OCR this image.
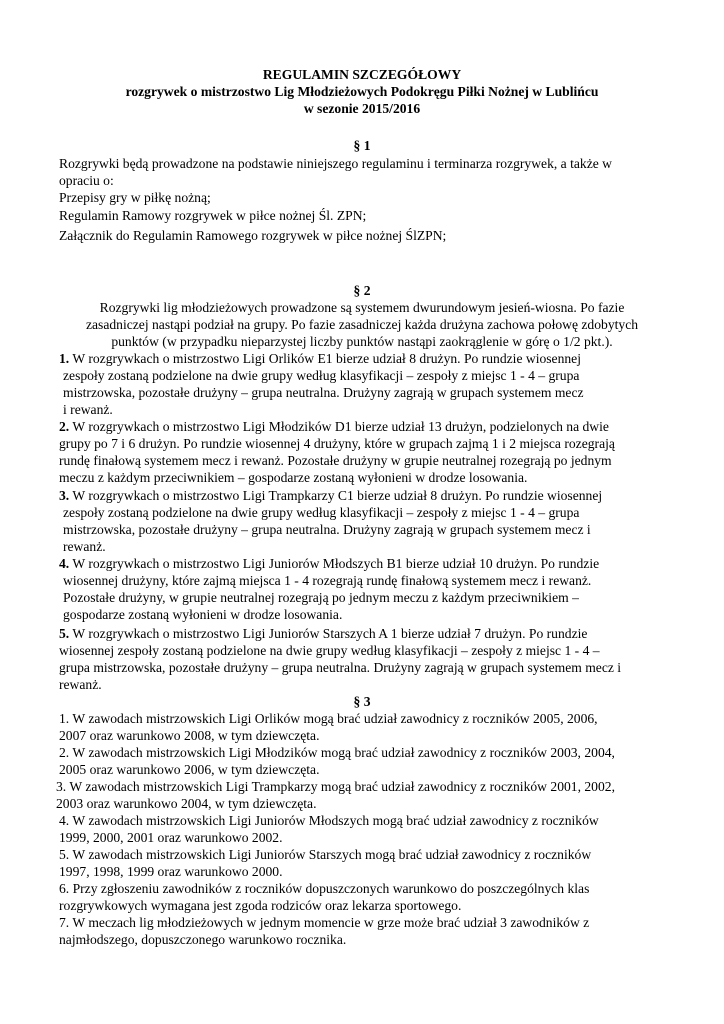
REGULAMIN SZCZEGÓŁOWY
rozgrywek o mistrzostwo Lig Młodzieżowych Podokręgu Piłki Nożnej w Lublińcu
w sezonie 2015/2016
§ 1
Rozgrywki będą prowadzone na podstawie niniejszego regulaminu i terminarza rozgrywek, a także w
opraciu o:
Przepisy gry w piłkę nożną;
Regulamin Ramowy rozgrywek w piłce nożnej Śl. ZPN;
Załącznik do Regulamin Ramowego rozgrywek w piłce nożnej ŚlZPN;
§ 2
Rozgrywki lig młodzieżowych prowadzone są systemem dwurundowym jesień-wiosna. Po fazie
zasadniczej nastąpi podział na grupy. Po fazie zasadniczej każda drużyna zachowa połowę zdobytych
punktów (w przypadku nieparzystej liczby punktów nastąpi zaokrąglenie w górę o 1/2 pkt.).
1. W rozgrywkach o mistrzostwo Ligi Orlików E1 bierze udział 8 drużyn. Po rundzie wiosennej
zespoły zostaną podzielone na dwie grupy według klasyfikacji – zespoły z miejsc 1 - 4 – grupa
mistrzowska, pozostałe drużyny – grupa neutralna. Drużyny zagrają w grupach systemem mecz
i rewanż.
2. W rozgrywkach o mistrzostwo Ligi Młodzików D1 bierze udział 13 drużyn, podzielonych na dwie
grupy po 7 i 6 drużyn. Po rundzie wiosennej 4 drużyny, które w grupach zajmą 1 i 2 miejsca rozegrają
rundę finałową systemem mecz i rewanż. Pozostałe drużyny w grupie neutralnej rozegrają po jednym
meczu z każdym przeciwnikiem – gospodarze zostaną wyłonieni w drodze losowania.
3. W rozgrywkach o mistrzostwo Ligi Trampkarzy C1 bierze udział 8 drużyn. Po rundzie wiosennej
zespoły zostaną podzielone na dwie grupy według klasyfikacji – zespoły z miejsc 1 - 4 – grupa
mistrzowska, pozostałe drużyny – grupa neutralna. Drużyny zagrają w grupach systemem mecz i
rewanż.
4. W rozgrywkach o mistrzostwo Ligi Juniorów Młodszych B1 bierze udział 10 drużyn. Po rundzie
wiosennej drużyny, które zajmą miejsca 1 - 4 rozegrają rundę finałową systemem mecz i rewanż.
Pozostałe drużyny, w grupie neutralnej rozegrają po jednym meczu z każdym przeciwnikiem –
gospodarze zostaną wyłonieni w drodze losowania.
5. W rozgrywkach o mistrzostwo Ligi Juniorów Starszych A 1 bierze udział 7 drużyn. Po rundzie
wiosennej zespoły zostaną podzielone na dwie grupy według klasyfikacji – zespoły z miejsc 1 - 4 –
grupa mistrzowska, pozostałe drużyny – grupa neutralna. Drużyny zagrają w grupach systemem mecz i
rewanż.
§ 3
1. W zawodach mistrzowskich Ligi Orlików mogą brać udział zawodnicy z roczników 2005, 2006,
2007 oraz warunkowo 2008, w tym dziewczęta.
2. W zawodach mistrzowskich Ligi Młodzików mogą brać udział zawodnicy z roczników 2003, 2004,
2005 oraz warunkowo 2006, w tym dziewczęta.
3. W zawodach mistrzowskich Ligi Trampkarzy mogą brać udział zawodnicy z roczników 2001, 2002,
2003 oraz warunkowo 2004, w tym dziewczęta.
4. W zawodach mistrzowskich Ligi Juniorów Młodszych mogą brać udział zawodnicy z roczników
1999, 2000, 2001 oraz warunkowo 2002.
5. W zawodach mistrzowskich Ligi Juniorów Starszych mogą brać udział zawodnicy z roczników
1997, 1998, 1999 oraz warunkowo 2000.
6. Przy zgłoszeniu zawodników z roczników dopuszczonych warunkowo do poszczególnych klas
rozgrywkowych wymagana jest zgoda rodziców oraz lekarza sportowego.
7. W meczach lig młodzieżowych w jednym momencie w grze może brać udział 3 zawodników z
najmłodszego, dopuszczonego warunkowo rocznika.
